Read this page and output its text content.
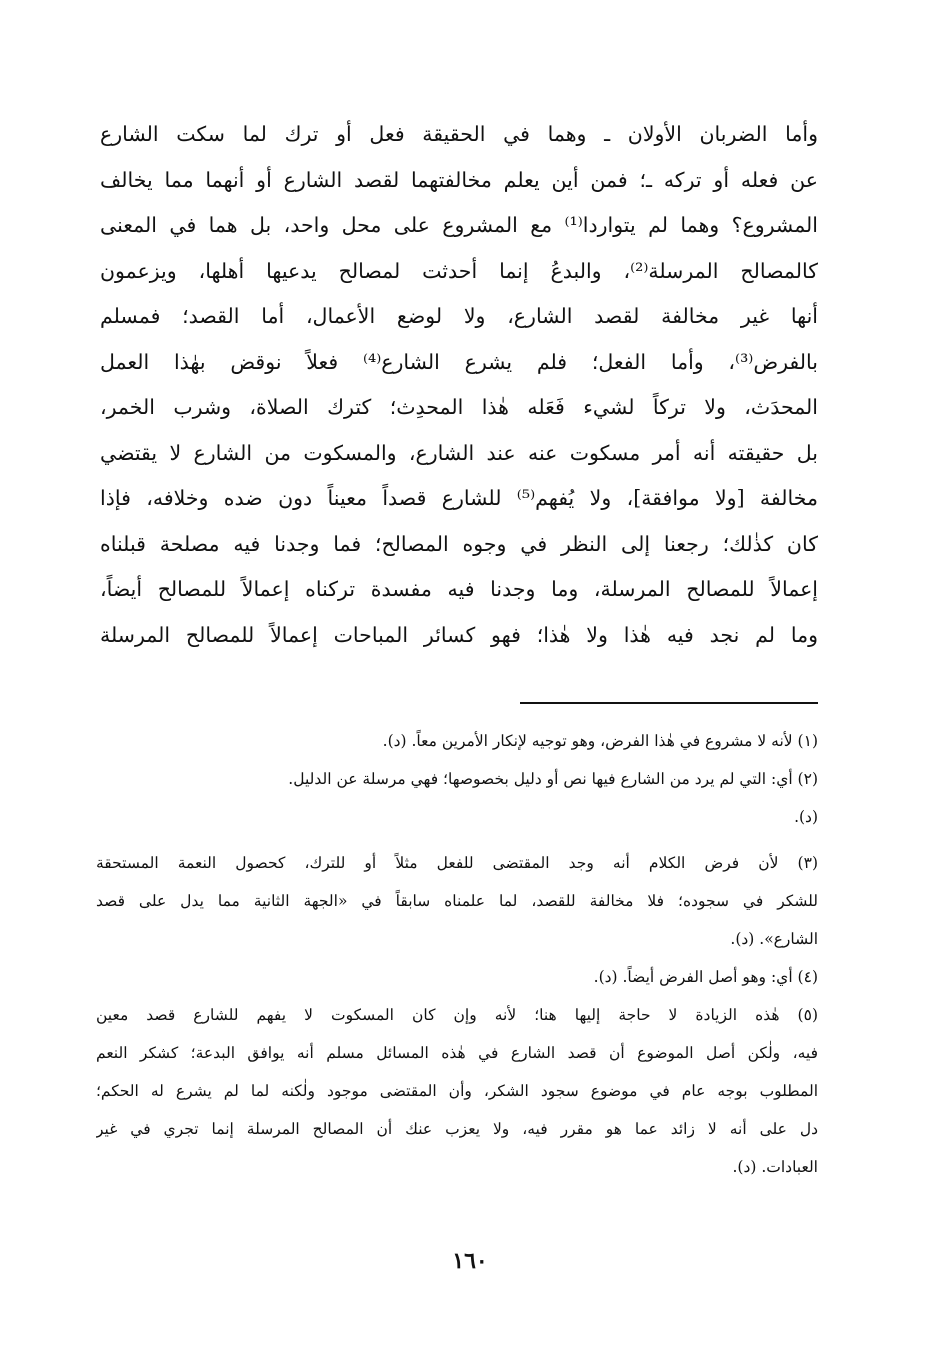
وأما الضربان الأولان ـ وهما في الحقيقة فعل أو ترك لما سكت الشارع
عن فعله أو تركه ـ؛ فمن أين يعلم مخالفتهما لقصد الشارع أو أنهما مما يخالف
المشروع؟ وهما لم يتواردا⁽¹⁾ مع المشروع على محل واحد، بل هما في المعنى
كالمصالح المرسلة⁽²⁾، والبدعُ إنما أحدثت لمصالح يدعيها أهلها، ويزعمون
أنها غير مخالفة لقصد الشارع، ولا لوضع الأعمال، أما القصد؛ فمسلم
بالفرض⁽³⁾، وأما الفعل؛ فلم يشرع الشارع⁽⁴⁾ فعلاً نوقض بهٰذا العمل
المحدَث، ولا تركاً لشيء فَعَله هٰذا المحدِث؛ كترك الصلاة، وشرب الخمر،
بل حقيقته أنه أمر مسكوت عنه عند الشارع، والمسكوت من الشارع لا يقتضي
مخالفة [ولا موافقة]، ولا يُفهم⁽⁵⁾ للشارع قصداً معيناً دون ضده وخلافه، فإذا
كان كذٰلك؛ رجعنا إلى النظر في وجوه المصالح؛ فما وجدنا فيه مصلحة قبلناه
إعمالاً للمصالح المرسلة، وما وجدنا فيه مفسدة تركناه إعمالاً للمصالح أيضاً،
وما لم نجد فيه هٰذا ولا هٰذا؛ فهو كسائر المباحات إعمالاً للمصالح المرسلة
(١) لأنه لا مشروع في هٰذا الفرض، وهو توجيه لإنكار الأمرين معاً. (د).
(٢) أي: التي لم يرد من الشارع فيها نص أو دليل بخصوصها؛ فهي مرسلة عن الدليل.
(د).
(٣) لأن فرض الكلام أنه وجد المقتضى للفعل مثلاً أو للترك، كحصول النعمة المستحقة
للشكر في سجوده؛ فلا مخالفة للقصد، لما علمناه سابقاً في «الجهة الثانية مما يدل على قصد
الشارع». (د).
(٤) أي: وهو أصل الفرض أيضاً. (د).
(٥) هٰذه الزيادة لا حاجة إليها هنا؛ لأنه وإن كان المسكوت لا يفهم للشارع قصد معين
فيه، ولٰكن أصل الموضوع أن قصد الشارع في هٰذه المسائل مسلم أنه يوافق البدعة؛ كشكر النعم
المطلوب بوجه عام في موضوع سجود الشكر، وأن المقتضى موجود ولٰكنه لما لم يشرع له الحكم؛
دل على أنه لا زائد عما هو مقرر فيه، ولا يعزب عنك أن المصالح المرسلة إنما تجري في غير
العبادات. (د).
١٦٠
